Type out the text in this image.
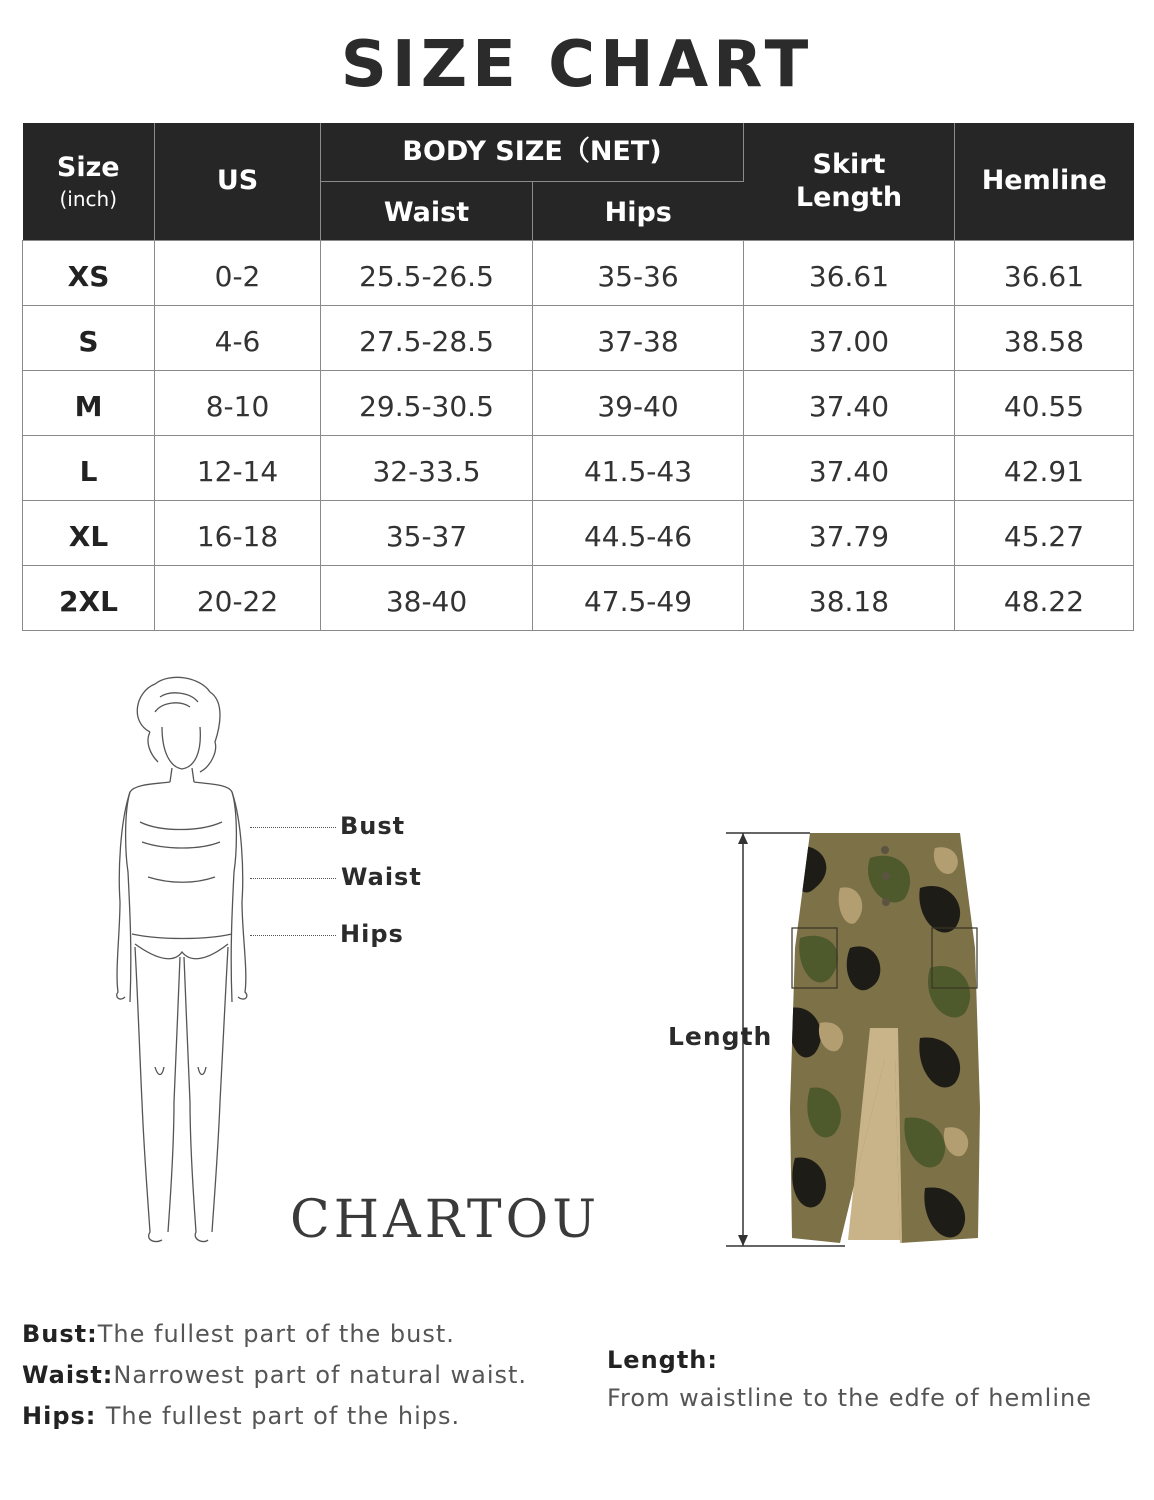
SIZE CHART
Size
(inch)	US	BODY SIZE（NET)		Skirt Length	Hemline
		Waist	Hips		
XS	0-2	25.5-26.5	35-36	36.61	36.61
S	4-6	27.5-28.5	37-38	37.00	38.58
M	8-10	29.5-30.5	39-40	37.40	40.55
L	12-14	32-33.5	41.5-43	37.40	42.91
XL	16-18	35-37	44.5-46	37.79	45.27
2XL	20-22	38-40	47.5-49	38.18	48.22
Bust
Waist
Hips
CHARTOU
Length
Bust:The fullest part of the bust.
Waist:Narrowest part of natural waist.
Hips: The fullest part of the hips.
Length:
From waistline to the edfe of hemline
